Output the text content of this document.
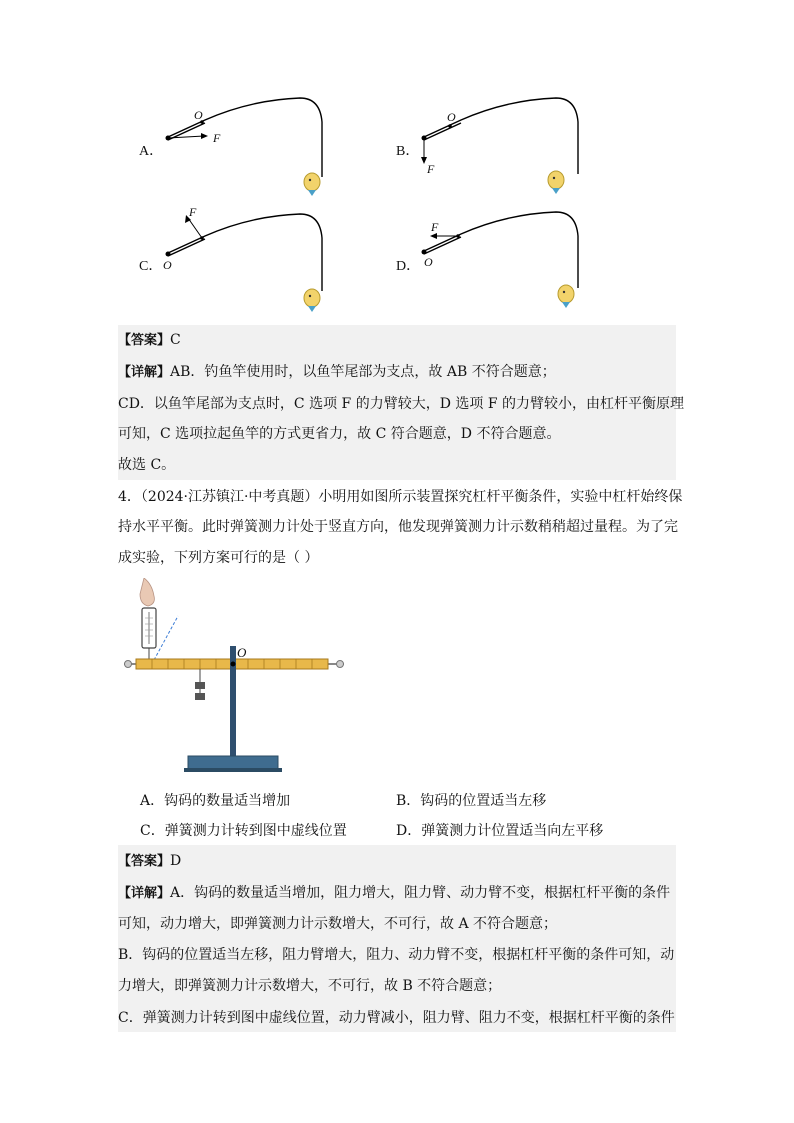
A．
O
F
B．
O
F
C． O
F
D． O
F
【答案】C
【详解】AB．钓鱼竿使用时，以鱼竿尾部为支点，故 AB 不符合题意；
CD．以鱼竿尾部为支点时，C 选项 F 的力臂较大，D 选项 F 的力臂较小，由杠杆平衡原理
可知，C 选项拉起鱼竿的方式更省力，故 C 符合题意，D 不符合题意。
故选 C。
4．（2024·江苏镇江·中考真题）小明用如图所示装置探究杠杆平衡条件，实验中杠杆始终保
持水平平衡。此时弹簧测力计处于竖直方向，他发现弹簧测力计示数稍稍超过量程。为了完
成实验，下列方案可行的是（ ）
O
A．钩码的数量适当增加	B．钩码的位置适当左移
C．弹簧测力计转到图中虚线位置	D．弹簧测力计位置适当向左平移
【答案】D
【详解】A．钩码的数量适当增加，阻力增大，阻力臂、动力臂不变，根据杠杆平衡的条件
可知，动力增大，即弹簧测力计示数增大，不可行，故 A 不符合题意；
B．钩码的位置适当左移，阻力臂增大，阻力、动力臂不变，根据杠杆平衡的条件可知，动
力增大，即弹簧测力计示数增大，不可行，故 B 不符合题意；
C．弹簧测力计转到图中虚线位置，动力臂减小，阻力臂、阻力不变，根据杠杆平衡的条件
